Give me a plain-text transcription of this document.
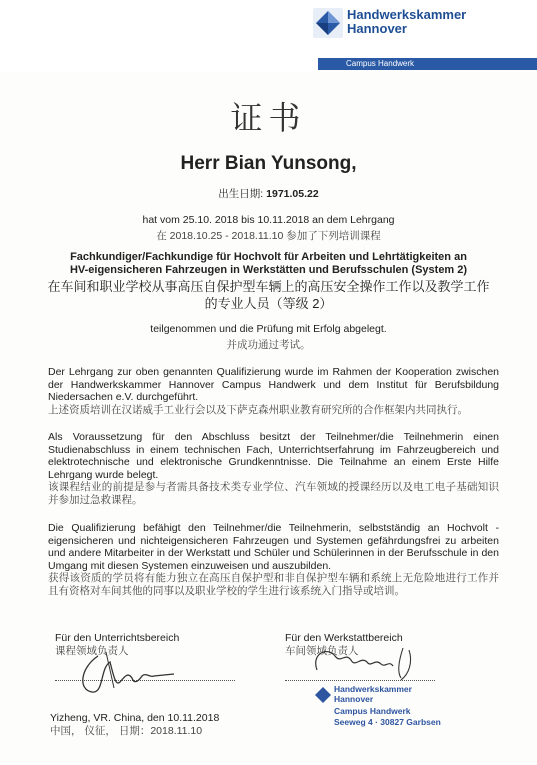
Handwerkskammer
Hannover
Campus Handwerk
证书
Herr Bian Yunsong,
出生日期: 1971.05.22
hat vom 25.10. 2018 bis 10.11.2018 an dem Lehrgang
在 2018.10.25 - 2018.11.10 参加了下列培训课程
Fachkundiger/Fachkundige für Hochvolt für Arbeiten und Lehrtätigkeiten an
HV-eigensicheren Fahrzeugen in Werkstätten und Berufsschulen (System 2)
在车间和职业学校从事高压自保护型车辆上的高压安全操作工作以及教学工作
的专业人员（等级 2）
teilgenommen und die Prüfung mit Erfolg abgelegt.
并成功通过考试。
Der Lehrgang zur oben genannten Qualifizierung wurde im Rahmen der Kooperation zwischen der Handwerkskammer Hannover Campus Handwerk und dem Institut für Berufsbildung Niedersachen e.V. durchgeführt.
上述资质培训在汉诺威手工业行会以及下萨克森州职业教育研究所的合作框架内共同执行。
Als Voraussetzung für den Abschluss besitzt der Teilnehmer/die Teilnehmerin einen Studienabschluss in einem technischen Fach, Unterrichtserfahrung im Fahrzeugbereich und elektrotechnische und elektronische Grundkenntnisse. Die Teilnahme an einem Erste Hilfe Lehrgang wurde belegt.
该课程结业的前提是参与者需具备技术类专业学位、汽车领域的授课经历以及电工电子基础知识并参加过急救课程。
Die Qualifizierung befähigt den Teilnehmer/die Teilnehmerin, selbstständig an Hochvolt -eigensicheren und nichteigensicheren Fahrzeugen und Systemen gefährdungsfrei zu arbeiten und andere Mitarbeiter in der Werkstatt und Schüler und Schülerinnen in der Berufsschule in den Umgang mit diesen Systemen einzuweisen und auszubilden.
获得该资质的学员将有能力独立在高压自保护型和非自保护型车辆和系统上无危险地进行工作并且有资格对车间其他的同事以及职业学校的学生进行该系统入门指导或培训。
Für den Unterrichtsbereich
课程领域负责人
Für den Werkstattbereich
车间领域负责人
Handwerkskammer
Hannover
Campus Handwerk
Seeweg 4 · 30827 Garbsen
Yizheng, VR. China, den 10.11.2018
中国， 仪征， 日期：2018.11.10
